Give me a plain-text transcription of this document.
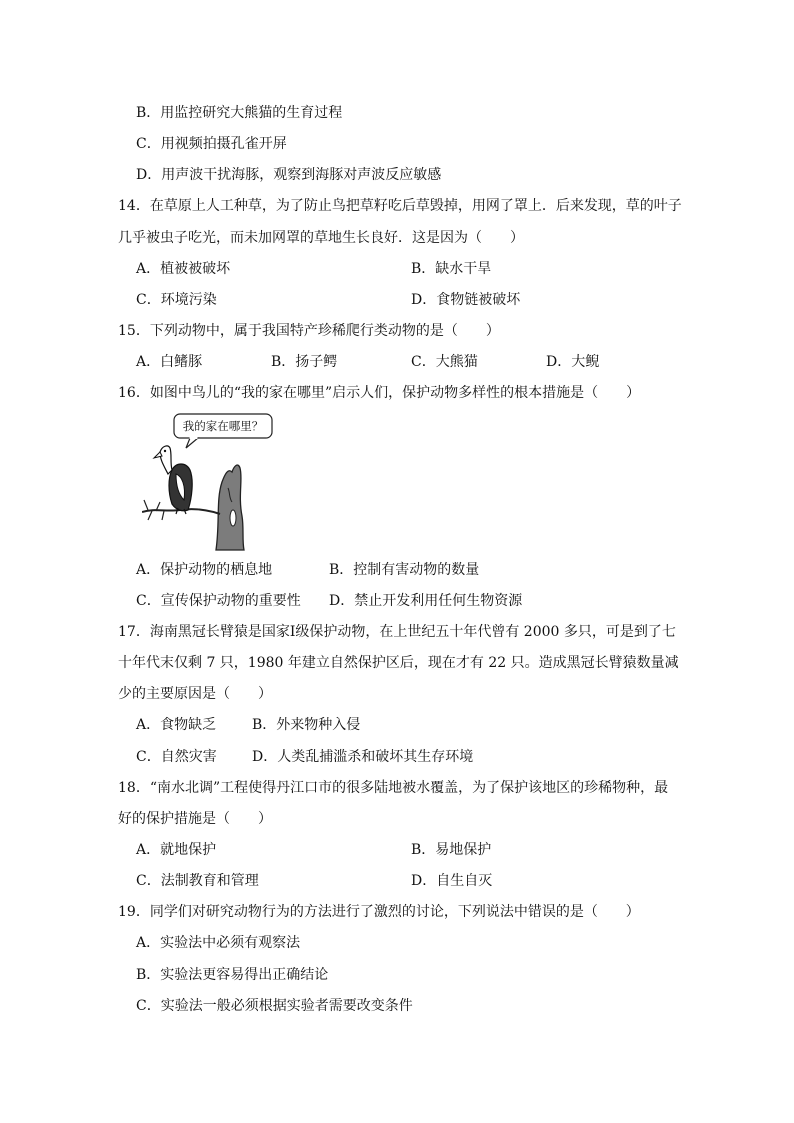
B．用监控研究大熊猫的生育过程
C．用视频拍摄孔雀开屏
D．用声波干扰海豚，观察到海豚对声波反应敏感
14．在草原上人工种草，为了防止鸟把草籽吃后草毁掉，用网了罩上．后来发现，草的叶子
几乎被虫子吃光，而未加网罩的草地生长良好．这是因为（　　）
A．植被被破坏	B．缺水干旱
C．环境污染	D．食物链被破坏
15．下列动物中，属于我国特产珍稀爬行类动物的是（　　）
A．白鳍豚	B．扬子鳄	C．大熊猫	D．大鲵
16．如图中鸟儿的“我的家在哪里”启示人们，保护动物多样性的根本措施是（　　）
我的家在哪里？
A．保护动物的栖息地	B．控制有害动物的数量
C．宣传保护动物的重要性 D．禁止开发利用任何生物资源
17．海南黑冠长臂猿是国家Ⅰ级保护动物，在上世纪五十年代曾有 2000 多只，可是到了七
十年代末仅剩 7 只，1980 年建立自然保护区后，现在才有 22 只。造成黑冠长臂猿数量减
少的主要原因是（　　）
A．食物缺乏	B．外来物种入侵
C．自然灾害	D．人类乱捕滥杀和破坏其生存环境
18．“南水北调”工程使得丹江口市的很多陆地被水覆盖，为了保护该地区的珍稀物种，最
好的保护措施是（　　）
A．就地保护	B．易地保护
C．法制教育和管理	D．自生自灭
19．同学们对研究动物行为的方法进行了激烈的讨论，下列说法中错误的是（　　）
A．实验法中必须有观察法
B．实验法更容易得出正确结论
C．实验法一般必须根据实验者需要改变条件
